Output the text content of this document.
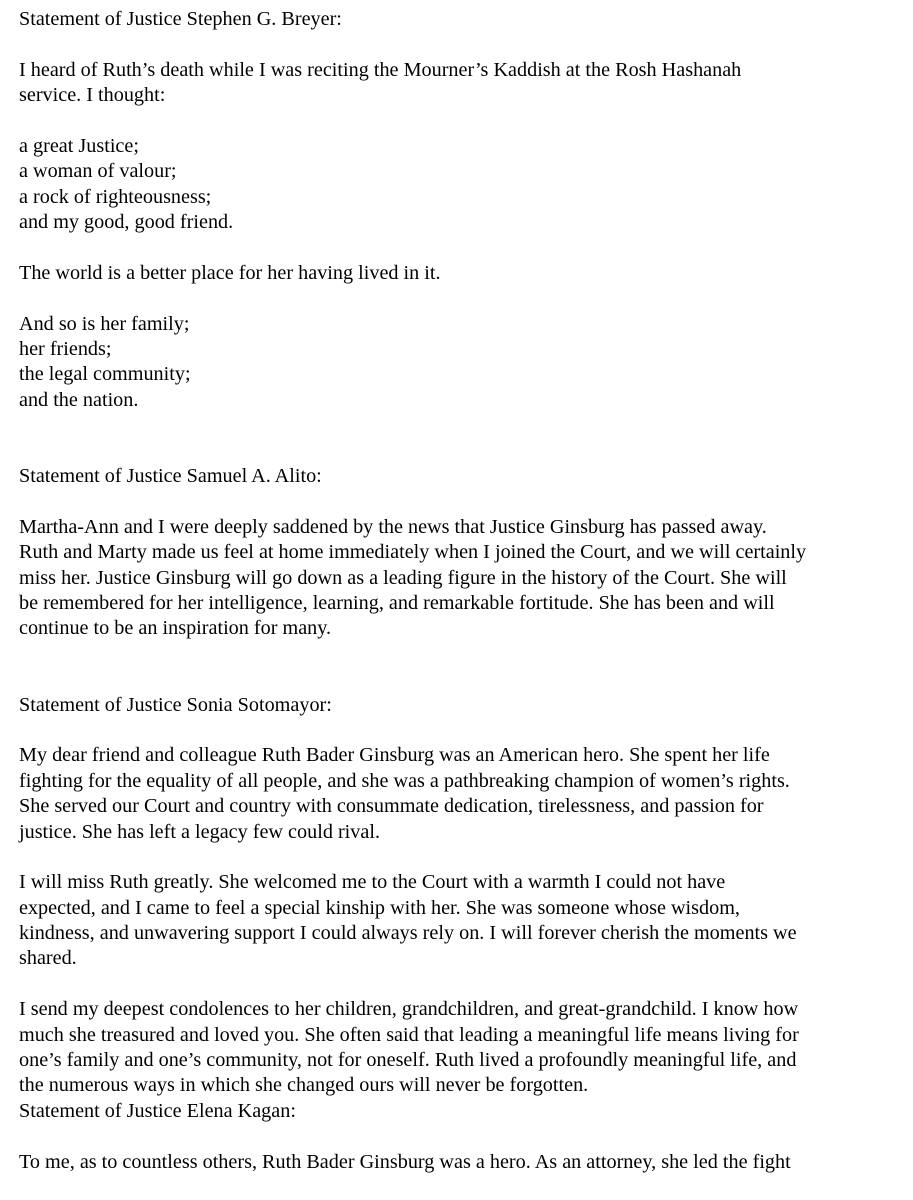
Statement of Justice Stephen G. Breyer:
I heard of Ruth’s death while I was reciting the Mourner’s Kaddish at the Rosh Hashanah
service. I thought:
a great Justice;
a woman of valour;
a rock of righteousness;
and my good, good friend.
The world is a better place for her having lived in it.
And so is her family;
her friends;
the legal community;
and the nation.
Statement of Justice Samuel A. Alito:
Martha-Ann and I were deeply saddened by the news that Justice Ginsburg has passed away.
Ruth and Marty made us feel at home immediately when I joined the Court, and we will certainly
miss her. Justice Ginsburg will go down as a leading figure in the history of the Court. She will
be remembered for her intelligence, learning, and remarkable fortitude. She has been and will
continue to be an inspiration for many.
Statement of Justice Sonia Sotomayor:
My dear friend and colleague Ruth Bader Ginsburg was an American hero. She spent her life
fighting for the equality of all people, and she was a pathbreaking champion of women’s rights.
She served our Court and country with consummate dedication, tirelessness, and passion for
justice. She has left a legacy few could rival.
I will miss Ruth greatly. She welcomed me to the Court with a warmth I could not have
expected, and I came to feel a special kinship with her. She was someone whose wisdom,
kindness, and unwavering support I could always rely on. I will forever cherish the moments we
shared.
I send my deepest condolences to her children, grandchildren, and great-grandchild. I know how
much she treasured and loved you. She often said that leading a meaningful life means living for
one’s family and one’s community, not for oneself. Ruth lived a profoundly meaningful life, and
the numerous ways in which she changed ours will never be forgotten.
Statement of Justice Elena Kagan:
To me, as to countless others, Ruth Bader Ginsburg was a hero. As an attorney, she led the fight
